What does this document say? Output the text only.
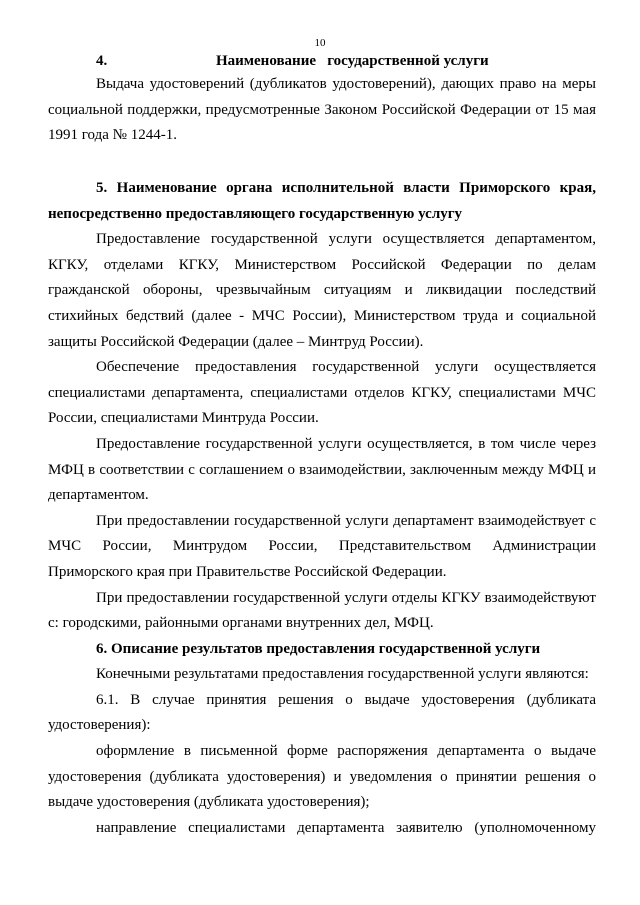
10
4.	Наименование   государственной услуги

Выдача удостоверений (дубликатов удостоверений), дающих право на меры социальной поддержки, предусмотренные Законом Российской Федерации от 15 мая 1991 года № 1244-1.

5. Наименование органа исполнительной власти Приморского края, непосредственно предоставляющего государственную услугу

Предоставление государственной услуги осуществляется департаментом, КГКУ, отделами КГКУ, Министерством Российской Федерации по делам гражданской обороны, чрезвычайным ситуациям и ликвидации последствий стихийных бедствий (далее - МЧС России), Министерством труда и социальной защиты Российской Федерации (далее – Минтруд России).

Обеспечение предоставления государственной услуги осуществляется специалистами департамента, специалистами отделов КГКУ, специалистами МЧС России, специалистами Минтруда России.

Предоставление государственной услуги осуществляется, в том числе через МФЦ в соответствии с соглашением о взаимодействии, заключенным между МФЦ и департаментом.

При предоставлении государственной услуги департамент взаимодействует с МЧС России, Минтрудом России, Представительством Администрации Приморского края при Правительстве Российской Федерации.

При предоставлении государственной услуги отделы КГКУ взаимодействуют с: городскими, районными органами внутренних дел, МФЦ.

6. Описание результатов предоставления государственной услуги

Конечными результатами предоставления государственной услуги являются:

6.1. В случае принятия решения о выдаче удостоверения (дубликата удостоверения):

оформление в письменной форме распоряжения департамента о выдаче удостоверения (дубликата удостоверения) и уведомления о принятии решения о выдаче удостоверения (дубликата удостоверения);

направление специалистами департамента заявителю (уполномоченному
